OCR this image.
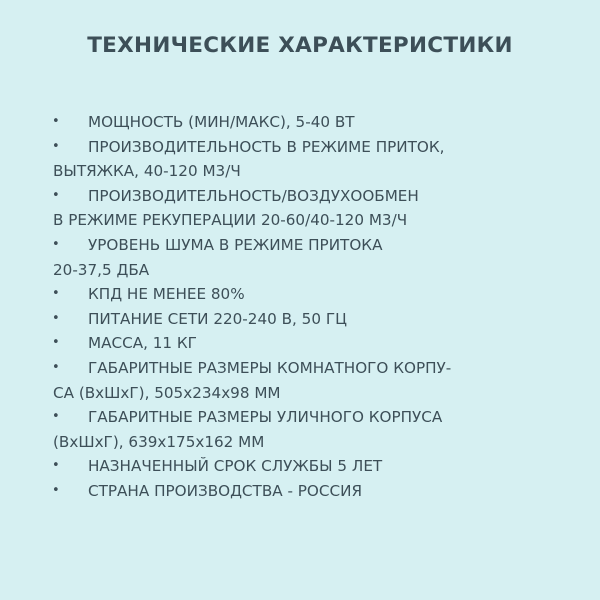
ТЕХНИЧЕСКИЕ ХАРАКТЕРИСТИКИ
•	МОЩНОСТЬ (МИН/МАКС), 5-40 ВТ
•	ПРОИЗВОДИТЕЛЬНОСТЬ В РЕЖИМЕ ПРИТОК,
ВЫТЯЖКА, 40-120 М3/Ч
•	ПРОИЗВОДИТЕЛЬНОСТЬ/ВОЗДУХООБМЕН
В РЕЖИМЕ РЕКУПЕРАЦИИ 20-60/40-120 М3/Ч
•	УРОВЕНЬ ШУМА В РЕЖИМЕ ПРИТОКА
20-37,5 ДБА
•	КПД НЕ МЕНЕЕ 80%
•	ПИТАНИЕ СЕТИ 220-240 В, 50 ГЦ
•	МАССА, 11 КГ
•	ГАБАРИТНЫЕ РАЗМЕРЫ КОМНАТНОГО КОРПУ-
СА (ВхШхГ), 505x234x98 ММ
•	ГАБАРИТНЫЕ РАЗМЕРЫ УЛИЧНОГО КОРПУСА
(ВхШхГ), 639x175x162 ММ
•	НАЗНАЧЕННЫЙ СРОК СЛУЖБЫ 5 ЛЕТ
•	СТРАНА ПРОИЗВОДСТВА - РОССИЯ
